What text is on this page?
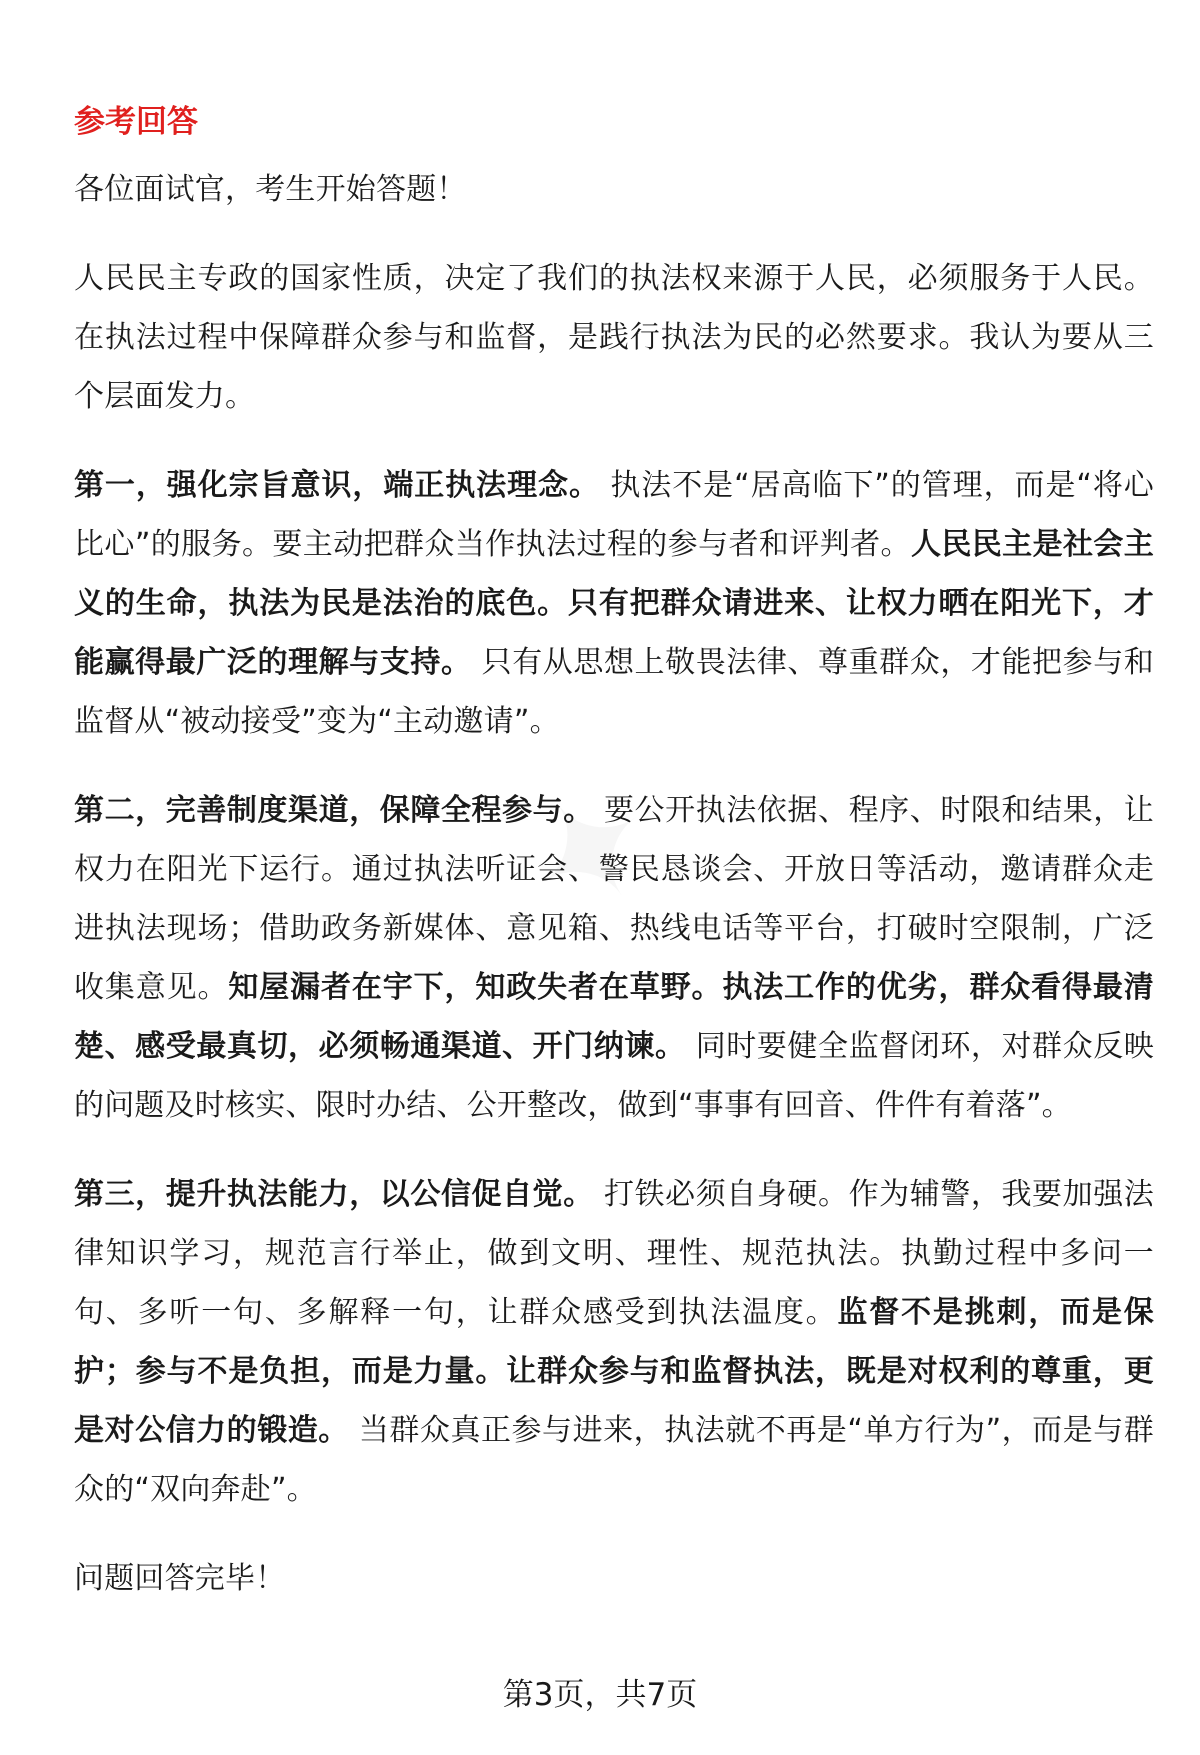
参考回答

各位面试官，考生开始答题！

人民民主专政的国家性质，决定了我们的执法权来源于人民，必须服务于人民。在执法过程中保障群众参与和监督，是践行执法为民的必然要求。我认为要从三个层面发力。

第一，强化宗旨意识，端正执法理念。 执法不是“居高临下”的管理，而是“将心比心”的服务。要主动把群众当作执法过程的参与者和评判者。人民民主是社会主义的生命，执法为民是法治的底色。只有把群众请进来、让权力晒在阳光下，才能赢得最广泛的理解与支持。 只有从思想上敬畏法律、尊重群众，才能把参与和监督从“被动接受”变为“主动邀请”。

第二，完善制度渠道，保障全程参与。 要公开执法依据、程序、时限和结果，让权力在阳光下运行。通过执法听证会、警民恳谈会、开放日等活动，邀请群众走进执法现场；借助政务新媒体、意见箱、热线电话等平台，打破时空限制，广泛收集意见。知屋漏者在宇下，知政失者在草野。执法工作的优劣，群众看得最清楚、感受最真切，必须畅通渠道、开门纳谏。 同时要健全监督闭环，对群众反映的问题及时核实、限时办结、公开整改，做到“事事有回音、件件有着落”。

第三，提升执法能力，以公信促自觉。 打铁必须自身硬。作为辅警，我要加强法律知识学习，规范言行举止，做到文明、理性、规范执法。执勤过程中多问一句、多听一句、多解释一句，让群众感受到执法温度。监督不是挑刺，而是保护；参与不是负担，而是力量。让群众参与和监督执法，既是对权利的尊重，更是对公信力的锻造。 当群众真正参与进来，执法就不再是“单方行为”，而是与群众的“双向奔赴”。

问题回答完毕！

第3页，共7页
